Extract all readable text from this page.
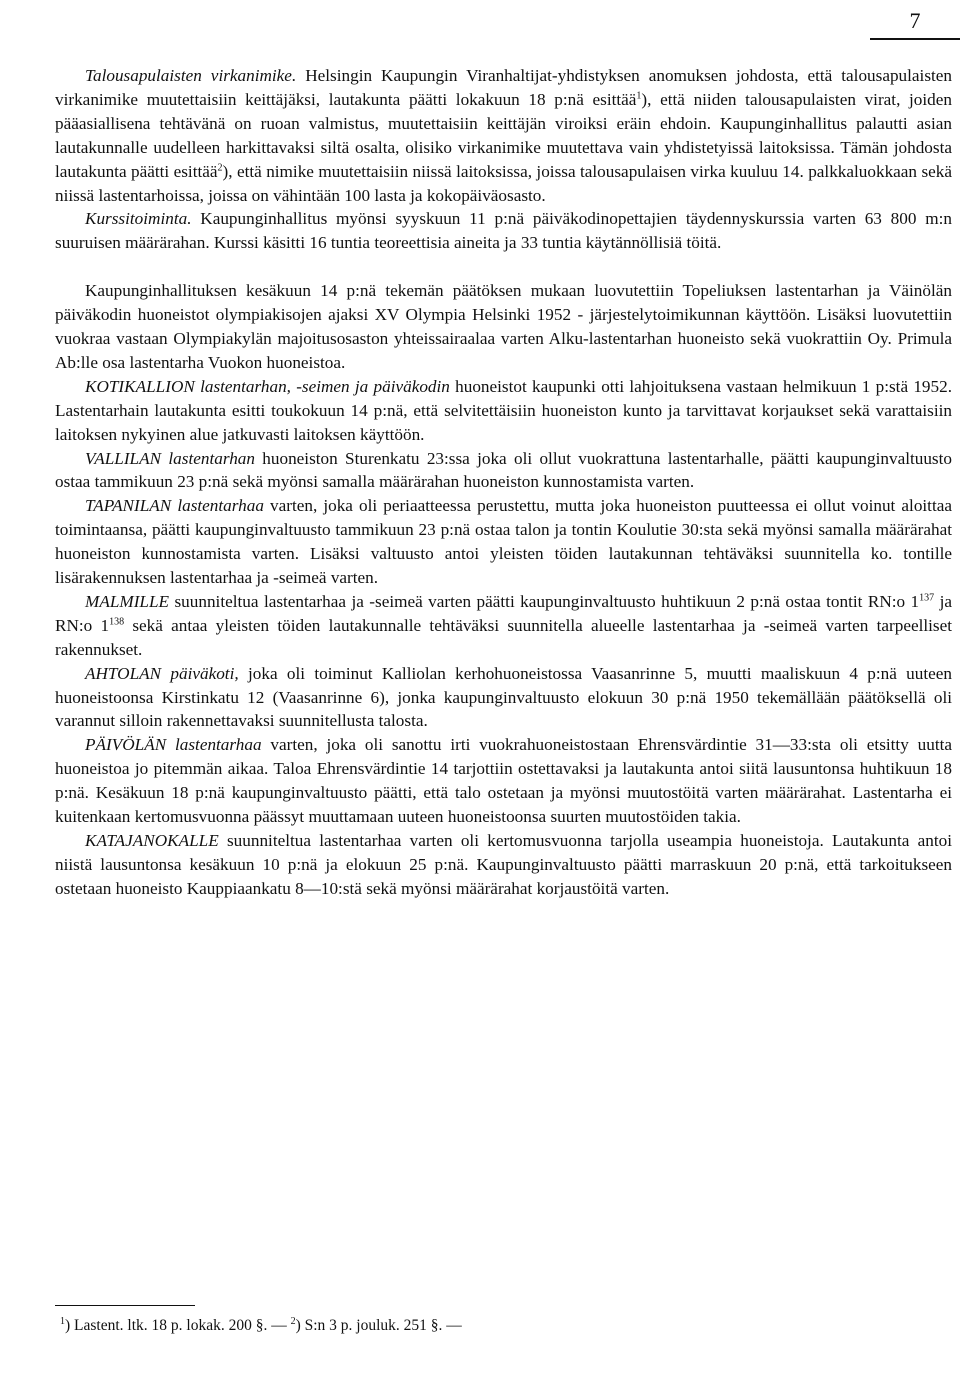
7

Talousapulaisten virkanimike. Helsingin Kaupungin Viranhaltijat-yhdistyksen anomuksen johdosta, että talousapulaisten virkanimike muutettaisiin keittäjäksi, lautakunta päätti lokakuun 18 p:nä esittää$^1$), että niiden talousapulaisten virat, joiden pääasiallisena tehtävänä on ruoan valmistus, muutettaisiin keittäjän viroiksi eräin ehdoin. Kaupunginhallitus palautti asian lautakunnalle uudelleen harkittavaksi siltä osalta, olisiko virkanimike muutettava vain yhdistetyissä laitoksissa. Tämän johdosta lautakunta päätti esittää$^2$), että nimike muutettaisiin niissä laitoksissa, joissa talousapulaisen virka kuuluu 14. palkkaluokkaan sekä niissä lastentarhoissa, joissa on vähintään 100 lasta ja kokopäiväosasto.

Kurssitoiminta. Kaupunginhallitus myönsi syyskuun 11 p:nä päiväkodinopettajien täydennyskurssia varten 63 800 m:n suuruisen määrärahan. Kurssi käsitti 16 tuntia teoreettisia aineita ja 33 tuntia käytännöllisiä töitä.

Kaupunginhallituksen kesäkuun 14 p:nä tekemän päätöksen mukaan luovutettiin Topeliuksen lastentarhan ja Väinölän päiväkodin huoneistot olympiakisojen ajaksi XV Olympia Helsinki 1952 - järjestelytoimikunnan käyttöön. Lisäksi luovutettiin vuokraa vastaan Olympiakylän majoitusosaston yhteissairaalaa varten Alku-lastentarhan huoneisto sekä vuokrattiin Oy. Primula Ab:lle osa lastentarha Vuokon huoneistoa.

KOTIKALLION lastentarhan, -seimen ja päiväkodin huoneistot kaupunki otti lahjoituksena vastaan helmikuun 1 p:stä 1952. Lastentarhain lautakunta esitti toukokuun 14 p:nä, että selvitettäisiin huoneiston kunto ja tarvittavat korjaukset sekä varattaisiin laitoksen nykyinen alue jatkuvasti laitoksen käyttöön.

VALLILAN lastentarhan huoneiston Sturenkatu 23:ssa joka oli ollut vuokrattuna lastentarhalle, päätti kaupunginvaltuusto ostaa tammikuun 23 p:nä sekä myönsi samalla määrärahan huoneiston kunnostamista varten.

TAPANILAN lastentarhaa varten, joka oli periaatteessa perustettu, mutta joka huoneiston puutteessa ei ollut voinut aloittaa toimintaansa, päätti kaupunginvaltuusto tammikuun 23 p:nä ostaa talon ja tontin Koulutie 30:sta sekä myönsi samalla määrärahat huoneiston kunnostamista varten. Lisäksi valtuusto antoi yleisten töiden lautakunnan tehtäväksi suunnitella ko. tontille lisärakennuksen lastentarhaa ja -seimeä varten.

MALMILLE suunniteltua lastentarhaa ja -seimeä varten päätti kaupunginvaltuusto huhtikuun 2 p:nä ostaa tontit RN:o $1^{137}$ ja RN:o $1^{138}$ sekä antaa yleisten töiden lautakunnalle tehtäväksi suunnitella alueelle lastentarhaa ja -seimeä varten tarpeelliset rakennukset.

AHTOLAN päiväkoti, joka oli toiminut Kalliolan kerhohuoneistossa Vaasanrinne 5, muutti maaliskuun 4 p:nä uuteen huoneistoonsa Kirstinkatu 12 (Vaasanrinne 6), jonka kaupunginvaltuusto elokuun 30 p:nä 1950 tekemällään päätöksellä oli varannut silloin rakennettavaksi suunnitellusta talosta.

PÄIVÖLÄN lastentarhaa varten, joka oli sanottu irti vuokrahuoneistostaan Ehrensvärdintie 31—33:sta oli etsitty uutta huoneistoa jo pitemmän aikaa. Taloa Ehrensvärdintie 14 tarjottiin ostettavaksi ja lautakunta antoi siitä lausuntonsa huhtikuun 18 p:nä. Kesäkuun 18 p:nä kaupunginvaltuusto päätti, että talo ostetaan ja myönsi muutostöitä varten määrärahat. Lastentarha ei kuitenkaan kertomusvuonna päässyt muuttamaan uuteen huoneistoonsa suurten muutostöiden takia.

KATAJANOKALLE suunniteltua lastentarhaa varten oli kertomusvuonna tarjolla useampia huoneistoja. Lautakunta antoi niistä lausuntonsa kesäkuun 10 p:nä ja elokuun 25 p:nä. Kaupunginvaltuusto päätti marraskuun 20 p:nä, että tarkoitukseen ostetaan huoneisto Kauppiaankatu 8—10:stä sekä myönsi määrärahat korjaustöitä varten.

$^1$) Lastent. ltk. 18 p. lokak. 200 §. — $^2$) S:n 3 p. jouluk. 251 §. —
